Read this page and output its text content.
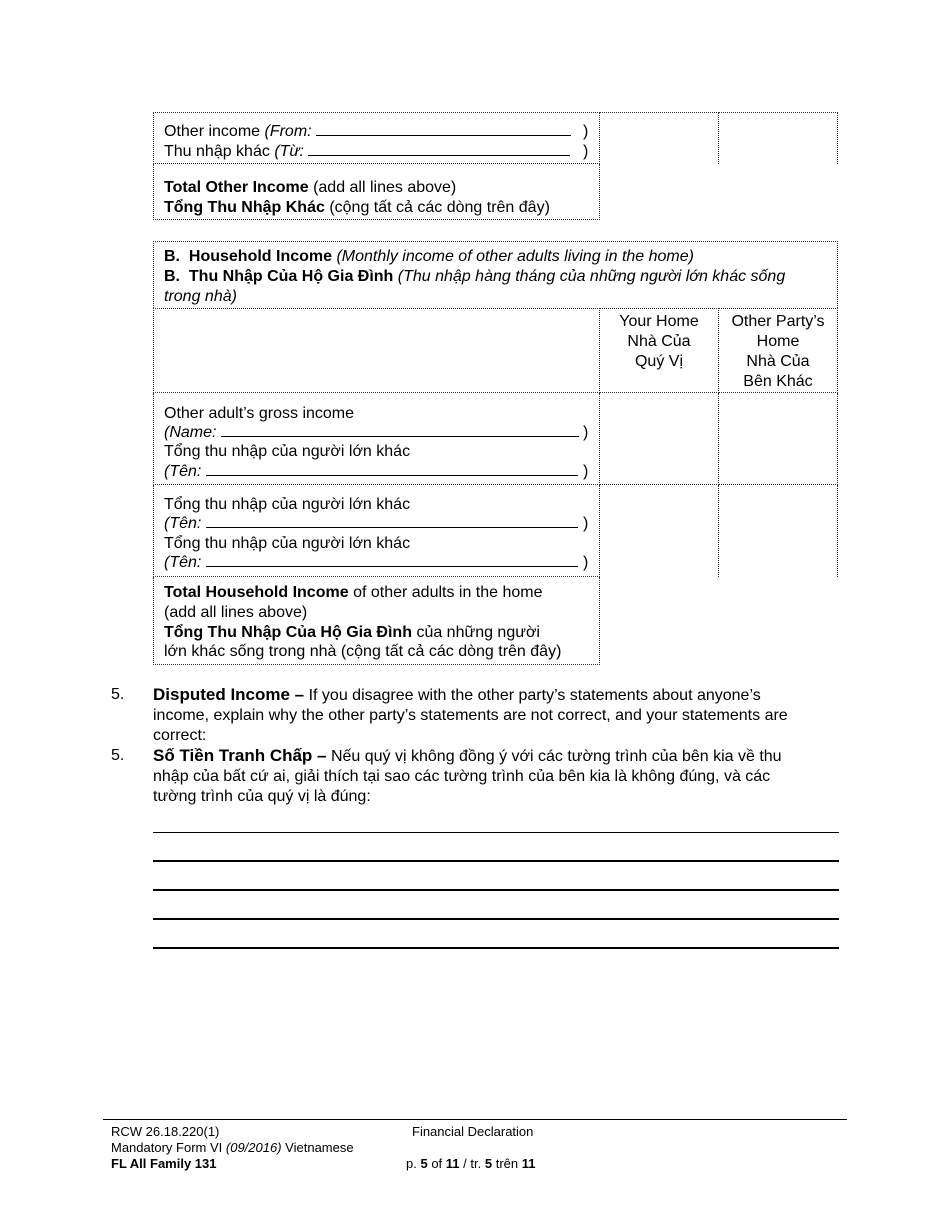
Other income (From:	)
Thu nhập khác (Từ:	)
Total Other Income (add all lines above)
Tổng Thu Nhập Khác (cộng tất cả các dòng trên đây)
B. Household Income (Monthly income of other adults living in the home)
B. Thu Nhập Của Hộ Gia Đình (Thu nhập hàng tháng của những người lớn khác sống
trong nhà)
Your Home
Nhà Của
Quý Vị
Other Party’s
Home
Nhà Của
Bên Khác
Other adult’s gross income
(Name:	)
Tổng thu nhập của người lớn khác
(Tên:	)
Tổng thu nhập của người lớn khác
(Tên:	)
Tổng thu nhập của người lớn khác
(Tên:	)
Total Household Income of other adults in the home
(add all lines above)
Tổng Thu Nhập Của Hộ Gia Đình của những người
lớn khác sống trong nhà (cộng tất cả các dòng trên đây)
5. Disputed Income – If you disagree with the other party’s statements about anyone’s
income, explain why the other party’s statements are not correct, and your statements are
correct:
5. Số Tiền Tranh Chấp – Nếu quý vị không đồng ý với các tường trình của bên kia về thu
nhập của bất cứ ai, giải thích tại sao các tường trình của bên kia là không đúng, và các
tường trình của quý vị là đúng:
RCW 26.18.220(1)
Mandatory Form VI (09/2016) Vietnamese
FL All Family 131
Financial Declaration
p. 5 of 11 / tr. 5 trên 11
